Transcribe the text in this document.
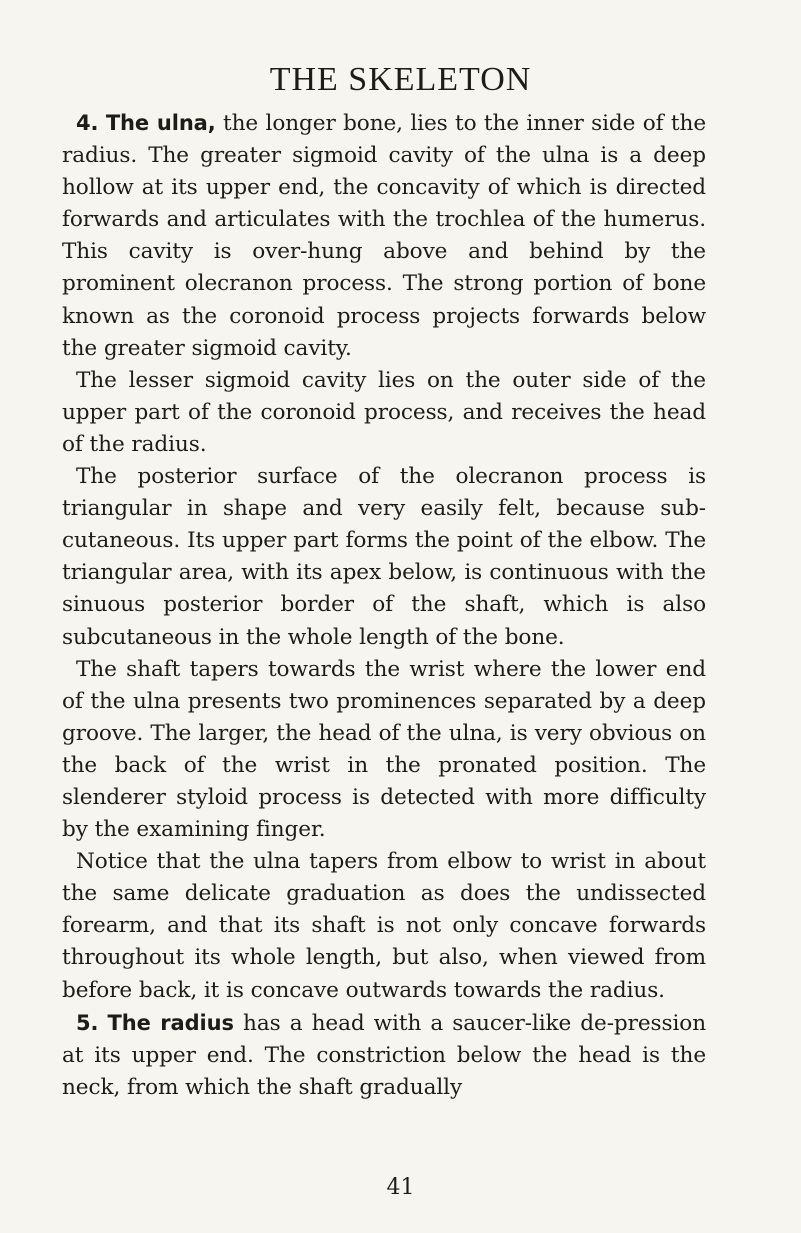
THE SKELETON

4. The ulna, the longer bone, lies to the inner side of the radius. The greater sigmoid cavity of the ulna is a deep hollow at its upper end, the concavity of which is directed forwards and articulates with the trochlea of the humerus. This cavity is over-hung above and behind by the prominent olecranon process. The strong portion of bone known as the coronoid process projects forwards below the greater sigmoid cavity.

The lesser sigmoid cavity lies on the outer side of the upper part of the coronoid process, and receives the head of the radius.

The posterior surface of the olecranon process is triangular in shape and very easily felt, because sub-cutaneous. Its upper part forms the point of the elbow. The triangular area, with its apex below, is continuous with the sinuous posterior border of the shaft, which is also subcutaneous in the whole length of the bone.

The shaft tapers towards the wrist where the lower end of the ulna presents two prominences separated by a deep groove. The larger, the head of the ulna, is very obvious on the back of the wrist in the pronated position. The slenderer styloid process is detected with more difficulty by the examining finger.

Notice that the ulna tapers from elbow to wrist in about the same delicate graduation as does the undissected forearm, and that its shaft is not only concave forwards throughout its whole length, but also, when viewed from before back, it is concave outwards towards the radius.

5. The radius has a head with a saucer-like de-pression at its upper end. The constriction below the head is the neck, from which the shaft gradually

41
